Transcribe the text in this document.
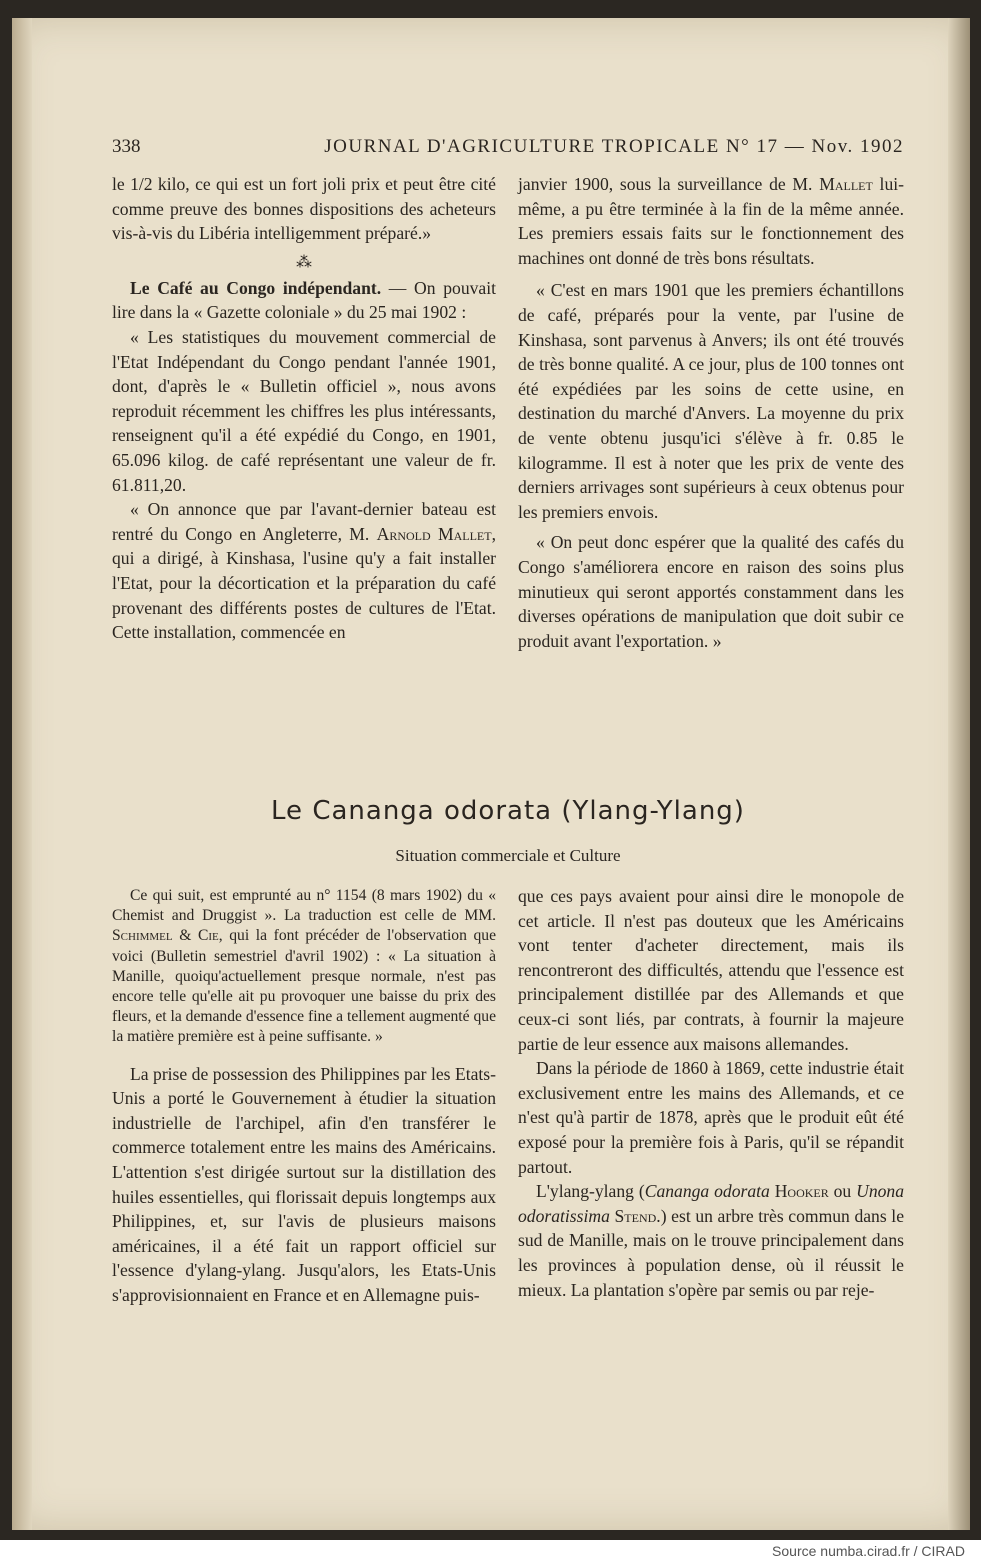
338	JOURNAL D'AGRICULTURE TROPICALE N° 17 — Nov. 1902

le 1/2 kilo, ce qui est un fort joli prix et peut être cité comme preuve des bonnes dispositions des acheteurs vis-à-vis du Libéria intelligemment préparé.»

⁂

Le Café au Congo indépendant. — On pouvait lire dans la « Gazette coloniale » du 25 mai 1902 :

« Les statistiques du mouvement commercial de l'Etat Indépendant du Congo pendant l'année 1901, dont, d'après le « Bulletin officiel », nous avons reproduit récemment les chiffres les plus intéressants, renseignent qu'il a été expédié du Congo, en 1901, 65.096 kilog. de café représentant une valeur de fr. 61.811,20.

« On annonce que par l'avant-dernier bateau est rentré du Congo en Angleterre, M. Arnold Mallet, qui a dirigé, à Kinshasa, l'usine qu'y a fait installer l'Etat, pour la décortication et la préparation du café provenant des différents postes de cultures de l'Etat. Cette installation, commencée en

janvier 1900, sous la surveillance de M. Mallet lui-même, a pu être terminée à la fin de la même année. Les premiers essais faits sur le fonctionnement des machines ont donné de très bons résultats.

« C'est en mars 1901 que les premiers échantillons de café, préparés pour la vente, par l'usine de Kinshasa, sont parvenus à Anvers; ils ont été trouvés de très bonne qualité. A ce jour, plus de 100 tonnes ont été expédiées par les soins de cette usine, en destination du marché d'Anvers. La moyenne du prix de vente obtenu jusqu'ici s'élève à fr. 0.85 le kilogramme. Il est à noter que les prix de vente des derniers arrivages sont supérieurs à ceux obtenus pour les premiers envois.

« On peut donc espérer que la qualité des cafés du Congo s'améliorera encore en raison des soins plus minutieux qui seront apportés constamment dans les diverses opérations de manipulation que doit subir ce produit avant l'exportation. »

Le Cananga odorata (Ylang-Ylang)
Situation commerciale et Culture

Ce qui suit, est emprunté au n° 1154 (8 mars 1902) du « Chemist and Druggist ». La traduction est celle de MM. Schimmel & Cie, qui la font précéder de l'observation que voici (Bulletin semestriel d'avril 1902) : « La situation à Manille, quoiqu'actuellement presque normale, n'est pas encore telle qu'elle ait pu provoquer une baisse du prix des fleurs, et la demande d'essence fine a tellement augmenté que la matière première est à peine suffisante. »

La prise de possession des Philippines par les Etats-Unis a porté le Gouvernement à étudier la situation industrielle de l'archipel, afin d'en transférer le commerce totalement entre les mains des Américains. L'attention s'est dirigée surtout sur la distillation des huiles essentielles, qui florissait depuis longtemps aux Philippines, et, sur l'avis de plusieurs maisons américaines, il a été fait un rapport officiel sur l'essence d'ylang-ylang. Jusqu'alors, les Etats-Unis s'approvisionnaient en France et en Allemagne puis-

que ces pays avaient pour ainsi dire le monopole de cet article. Il n'est pas douteux que les Américains vont tenter d'acheter directement, mais ils rencontreront des difficultés, attendu que l'essence est principalement distillée par des Allemands et que ceux-ci sont liés, par contrats, à fournir la majeure partie de leur essence aux maisons allemandes.

Dans la période de 1860 à 1869, cette industrie était exclusivement entre les mains des Allemands, et ce n'est qu'à partir de 1878, après que le produit eût été exposé pour la première fois à Paris, qu'il se répandit partout.

L'ylang-ylang (Cananga odorata Hooker ou Unona odoratissima Stend.) est un arbre très commun dans le sud de Manille, mais on le trouve principalement dans les provinces à population dense, où il réussit le mieux. La plantation s'opère par semis ou par reje-

Source numba.cirad.fr / CIRAD
